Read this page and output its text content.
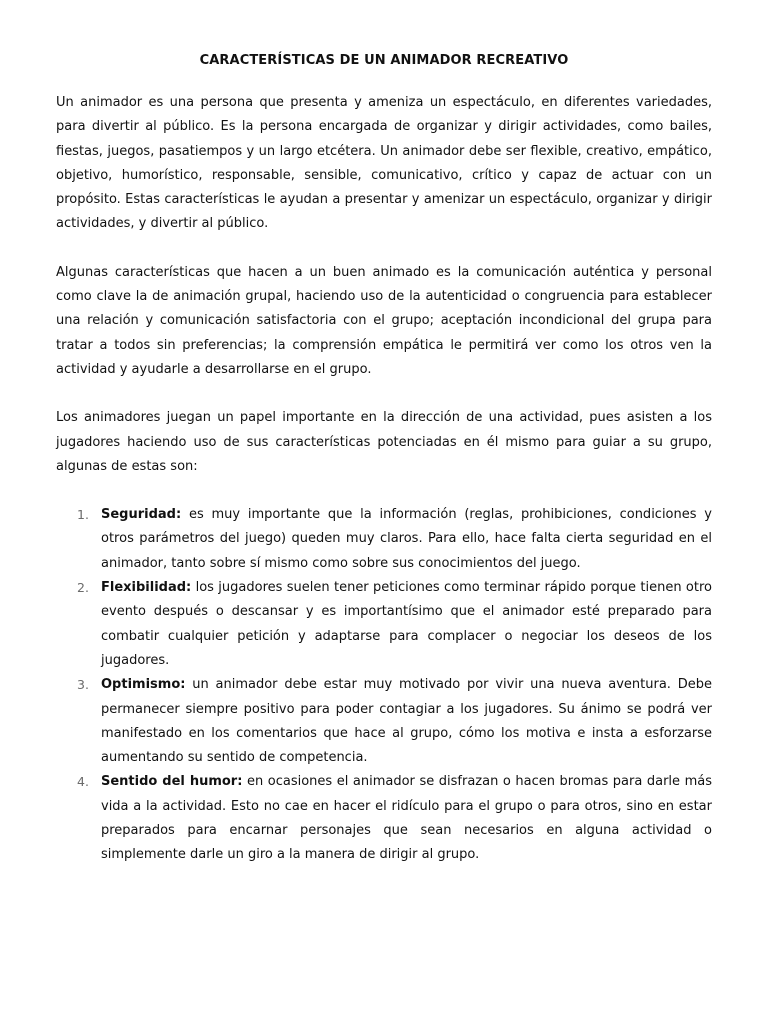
CARACTERÍSTICAS DE UN ANIMADOR RECREATIVO

Un animador es una persona que presenta y ameniza un espectáculo, en diferentes variedades, para divertir al público. Es la persona encargada de organizar y dirigir actividades, como bailes, fiestas, juegos, pasatiempos y un largo etcétera. Un animador debe ser flexible, creativo, empático, objetivo, humorístico, responsable, sensible, comunicativo, crítico y capaz de actuar con un propósito. Estas características le ayudan a presentar y amenizar un espectáculo, organizar y dirigir actividades, y divertir al público.

Algunas características que hacen a un buen animado es la comunicación auténtica y personal como clave la de animación grupal, haciendo uso de la autenticidad o congruencia para establecer una relación y comunicación satisfactoria con el grupo; aceptación incondicional del grupa para tratar a todos sin preferencias; la comprensión empática le permitirá ver como los otros ven la actividad y ayudarle a desarrollarse en el grupo.

Los animadores juegan un papel importante en la dirección de una actividad, pues asisten a los jugadores haciendo uso de sus características potenciadas en él mismo para guiar a su grupo, algunas de estas son:

1. Seguridad: es muy importante que la información (reglas, prohibiciones, condiciones y otros parámetros del juego) queden muy claros. Para ello, hace falta cierta seguridad en el animador, tanto sobre sí mismo como sobre sus conocimientos del juego.
2. Flexibilidad: los jugadores suelen tener peticiones como terminar rápido porque tienen otro evento después o descansar y es importantísimo que el animador esté preparado para combatir cualquier petición y adaptarse para complacer o negociar los deseos de los jugadores.
3. Optimismo: un animador debe estar muy motivado por vivir una nueva aventura. Debe permanecer siempre positivo para poder contagiar a los jugadores. Su ánimo se podrá ver manifestado en los comentarios que hace al grupo, cómo los motiva e insta a esforzarse aumentando su sentido de competencia.
4. Sentido del humor: en ocasiones el animador se disfrazan o hacen bromas para darle más vida a la actividad. Esto no cae en hacer el ridículo para el grupo o para otros, sino en estar preparados para encarnar personajes que sean necesarios en alguna actividad o simplemente darle un giro a la manera de dirigir al grupo.
